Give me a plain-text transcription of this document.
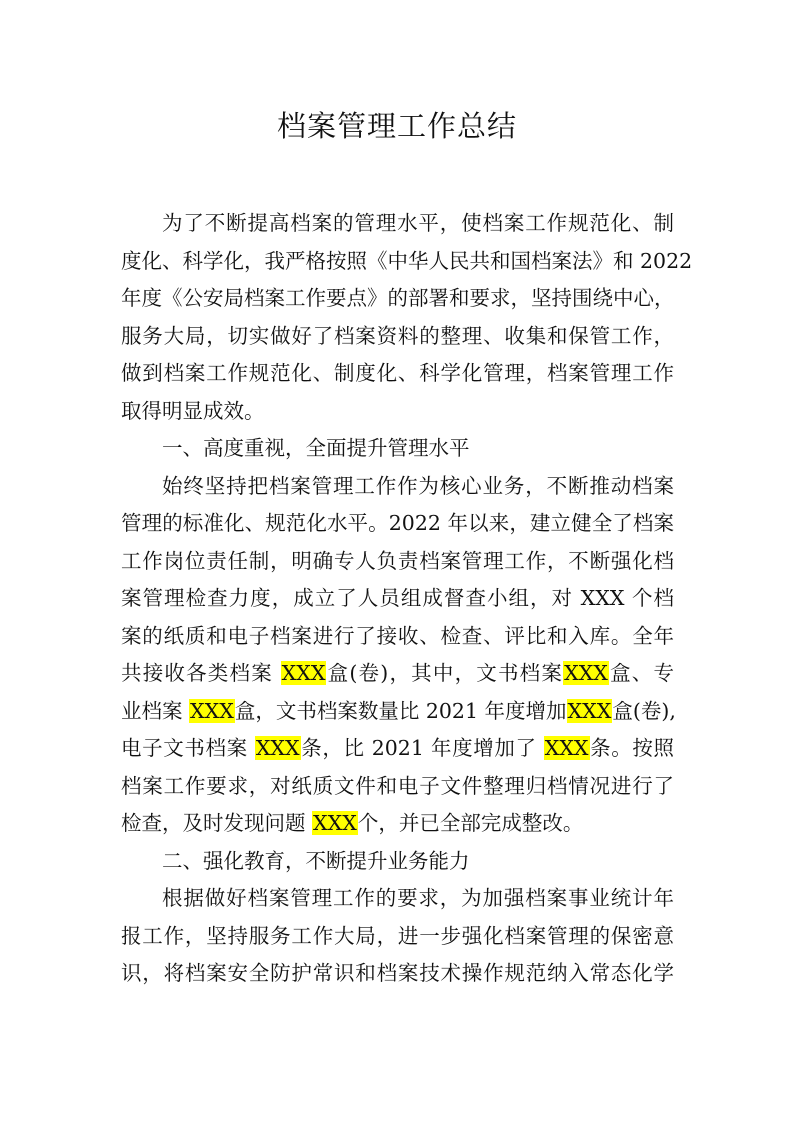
档案管理工作总结
为了不断提高档案的管理水平，使档案工作规范化、制
度化、科学化，我严格按照《中华人民共和国档案法》和 2022
年度《公安局档案工作要点》的部署和要求，坚持围绕中心，
服务大局，切实做好了档案资料的整理、收集和保管工作，
做到档案工作规范化、制度化、科学化管理，档案管理工作
取得明显成效。
一、高度重视，全面提升管理水平
始终坚持把档案管理工作作为核心业务，不断推动档案
管理的标准化、规范化水平。2022 年以来，建立健全了档案
工作岗位责任制，明确专人负责档案管理工作，不断强化档
案管理检查力度，成立了人员组成督查小组，对 XXX 个档
案的纸质和电子档案进行了接收、检查、评比和入库。全年
共接收各类档案 XXX盒(卷)，其中，文书档案XXX盒、专
业档案 XXX盒，文书档案数量比 2021 年度增加XXX盒(卷),
电子文书档案 XXX条，比 2021 年度增加了 XXX条。按照
档案工作要求，对纸质文件和电子文件整理归档情况进行了
检查，及时发现问题 XXX个，并已全部完成整改。
二、强化教育，不断提升业务能力
根据做好档案管理工作的要求，为加强档案事业统计年
报工作，坚持服务工作大局，进一步强化档案管理的保密意
识，将档案安全防护常识和档案技术操作规范纳入常态化学
